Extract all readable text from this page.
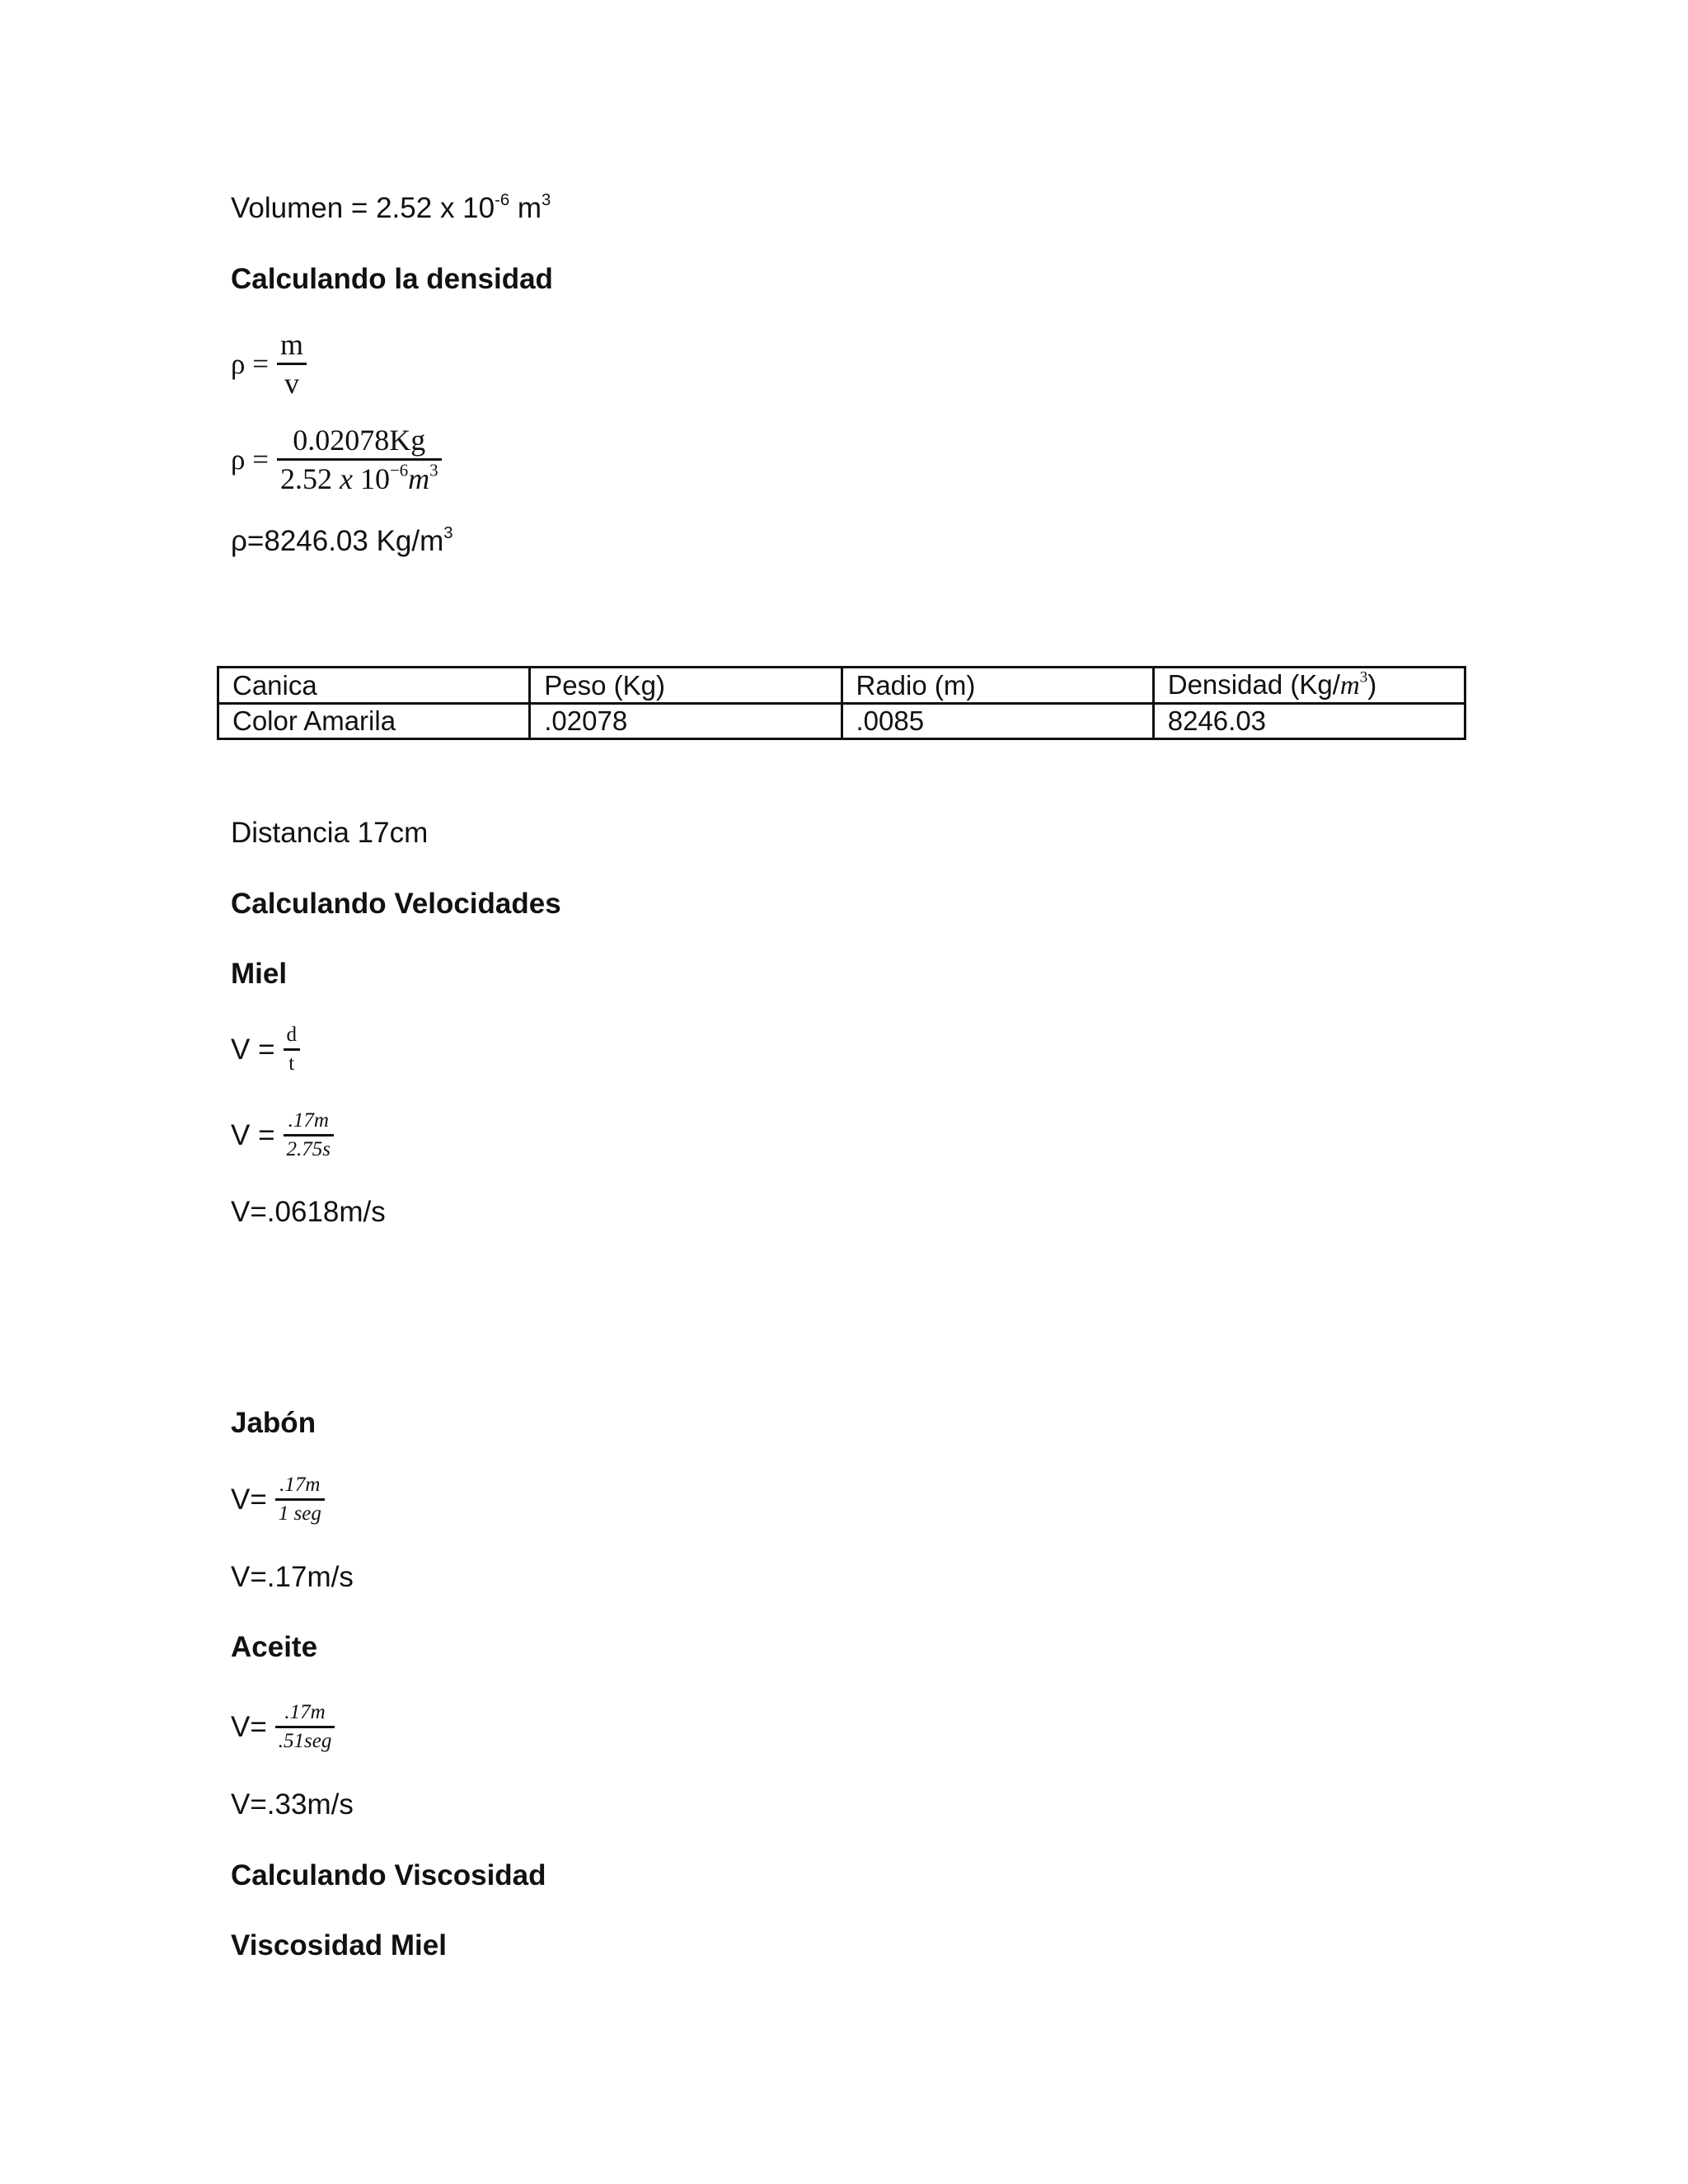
Volumen = 2.52 x $10^{-6}$ $m^3$
Calculando la densidad
$\rho = \frac{m}{v}$
$\rho = \frac{0.02078Kg}{2.52 x 10^{-6}m^3}$
ρ=8246.03 $Kg/m^3$
Canica	Peso (Kg)	Radio (m)	Densidad $(Kg/m^3)$
Color Amarila	.02078	.0085	8246.03
Distancia 17cm
Calculando Velocidades
Miel
$V = \frac{d}{t}$
$V = \frac{.17m}{2.75s}$
V=.0618m/s
Jabón
$V= \frac{.17m}{\text{1 seg}}$
V=.17m/s
Aceite
$V= \frac{.17m}{\text{.51seg}}$
V=.33m/s
Calculando Viscosidad
Viscosidad Miel
